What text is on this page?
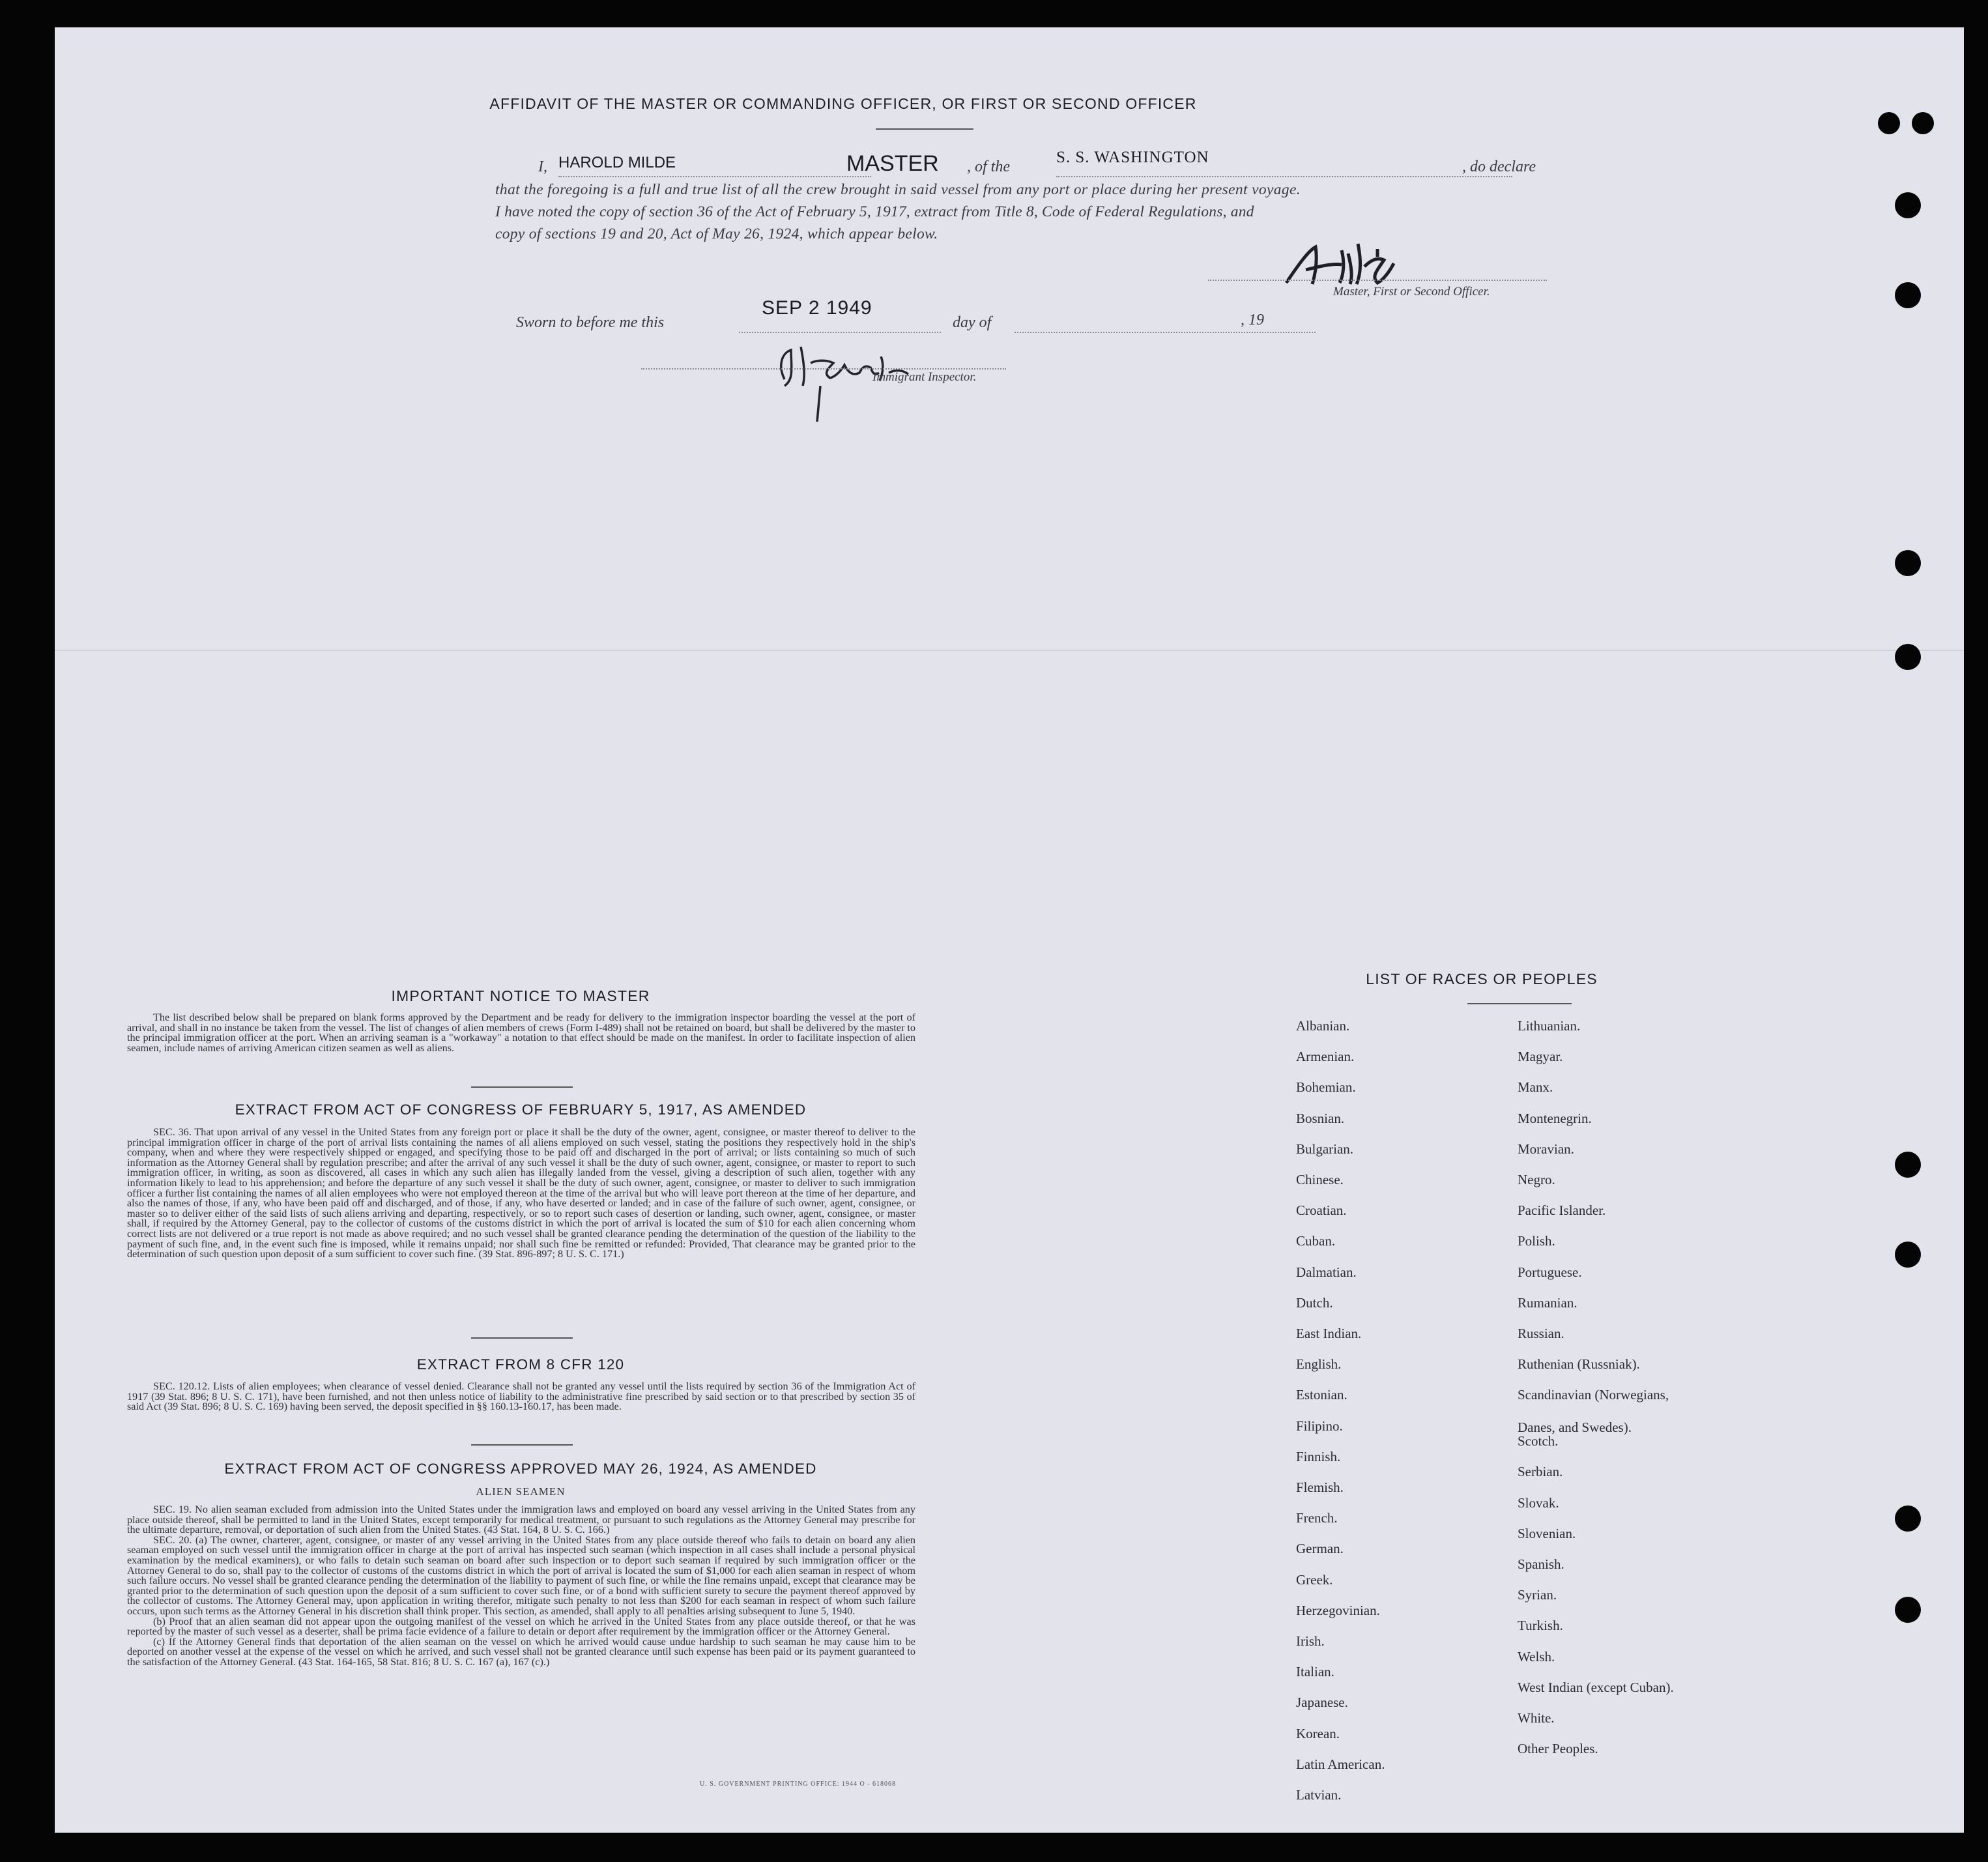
AFFIDAVIT OF THE MASTER OR COMMANDING OFFICER, OR FIRST OR SECOND OFFICER
I, HAROLD MILDE	MASTER , of the
S. S. WASHINGTON
, do declare
that the foregoing is a full and true list of all the crew brought in said vessel from any port or place during her present voyage.
I have noted the copy of section 36 of the Act of February 5, 1917, extract from Title 8, Code of Federal Regulations, and
copy of sections 19 and 20, Act of May 26, 1924, which appear below.
Master, First or Second Officer.
Sworn to before me this
SEP 2 1949
day of	, 19
Immigrant Inspector.
IMPORTANT NOTICE TO MASTER

The list described below shall be prepared on blank forms approved by the Department and be ready for delivery to the immigration inspector boarding the vessel at the port of arrival, and shall in no instance be taken from the vessel. The list of changes of alien members of crews (Form I-489) shall not be retained on board, but shall be delivered by the master to the principal immigration officer at the port. When an arriving seaman is a "workaway" a notation to that effect should be made on the manifest. In order to facilitate inspection of alien seamen, include names of arriving American citizen seamen as well as aliens.

EXTRACT FROM ACT OF CONGRESS OF FEBRUARY 5, 1917, AS AMENDED

SEC. 36. That upon arrival of any vessel in the United States from any foreign port or place it shall be the duty of the owner, agent, consignee, or master thereof to deliver to the principal immigration officer in charge of the port of arrival lists containing the names of all aliens employed on such vessel, stating the positions they respectively hold in the ship's company, when and where they were respectively shipped or engaged, and specifying those to be paid off and discharged in the port of arrival; or lists containing so much of such information as the Attorney General shall by regulation prescribe; and after the arrival of any such vessel it shall be the duty of such owner, agent, consignee, or master to report to such immigration officer, in writing, as soon as discovered, all cases in which any such alien has illegally landed from the vessel, giving a description of such alien, together with any information likely to lead to his apprehension; and before the departure of any such vessel it shall be the duty of such owner, agent, consignee, or master to deliver to such immigration officer a further list containing the names of all alien employees who were not employed thereon at the time of the arrival but who will leave port thereon at the time of her departure, and also the names of those, if any, who have been paid off and discharged, and of those, if any, who have deserted or landed; and in case of the failure of such owner, agent, consignee, or master so to deliver either of the said lists of such aliens arriving and departing, respectively, or so to report such cases of desertion or landing, such owner, agent, consignee, or master shall, if required by the Attorney General, pay to the collector of customs of the customs district in which the port of arrival is located the sum of $10 for each alien concerning whom correct lists are not delivered or a true report is not made as above required; and no such vessel shall be granted clearance pending the determination of the question of the liability to the payment of such fine, and, in the event such fine is imposed, while it remains unpaid; nor shall such fine be remitted or refunded: Provided, That clearance may be granted prior to the determination of such question upon deposit of a sum sufficient to cover such fine. (39 Stat. 896-897; 8 U. S. C. 171.)

EXTRACT FROM 8 CFR 120

SEC. 120.12. Lists of alien employees; when clearance of vessel denied. Clearance shall not be granted any vessel until the lists required by section 36 of the Immigration Act of 1917 (39 Stat. 896; 8 U. S. C. 171), have been furnished, and not then unless notice of liability to the administrative fine prescribed by said section or to that prescribed by section 35 of said Act (39 Stat. 896; 8 U. S. C. 169) having been served, the deposit specified in §§ 160.13-160.17, has been made.

EXTRACT FROM ACT OF CONGRESS APPROVED MAY 26, 1924, AS AMENDED
ALIEN SEAMEN

SEC. 19. No alien seaman excluded from admission into the United States under the immigration laws and employed on board any vessel arriving in the United States from any place outside thereof, shall be permitted to land in the United States, except temporarily for medical treatment, or pursuant to such regulations as the Attorney General may prescribe for the ultimate departure, removal, or deportation of such alien from the United States. (43 Stat. 164, 8 U. S. C. 166.)

SEC. 20. (a) The owner, charterer, agent, consignee, or master of any vessel arriving in the United States from any place outside thereof who fails to detain on board any alien seaman employed on such vessel until the immigration officer in charge at the port of arrival has inspected such seaman (which inspection in all cases shall include a personal physical examination by the medical examiners), or who fails to detain such seaman on board after such inspection or to deport such seaman if required by such immigration officer or the Attorney General to do so, shall pay to the collector of customs of the customs district in which the port of arrival is located the sum of $1,000 for each alien seaman in respect of whom such failure occurs. No vessel shall be granted clearance pending the determination of the liability to payment of such fine, or while the fine remains unpaid, except that clearance may be granted prior to the determination of such question upon the deposit of a sum sufficient to cover such fine, or of a bond with sufficient surety to secure the payment thereof approved by the collector of customs. The Attorney General may, upon application in writing therefor, mitigate such penalty to not less than $200 for each seaman in respect of whom such failure occurs, upon such terms as the Attorney General in his discretion shall think proper. This section, as amended, shall apply to all penalties arising subsequent to June 5, 1940.

(b) Proof that an alien seaman did not appear upon the outgoing manifest of the vessel on which he arrived in the United States from any place outside thereof, or that he was reported by the master of such vessel as a deserter, shall be prima facie evidence of a failure to detain or deport after requirement by the immigration officer or the Attorney General.

(c) If the Attorney General finds that deportation of the alien seaman on the vessel on which he arrived would cause undue hardship to such seaman he may cause him to be deported on another vessel at the expense of the vessel on which he arrived, and such vessel shall not be granted clearance until such expense has been paid or its payment guaranteed to the satisfaction of the Attorney General. (43 Stat. 164-165, 58 Stat. 816; 8 U. S. C. 167 (a), 167 (c).)

U. S. GOVERNMENT PRINTING OFFICE: 1944 O - 618068
LIST OF RACES OR PEOPLES
Albanian.
Armenian.
Bohemian.
Bosnian.
Bulgarian.
Chinese.
Croatian.
Cuban.
Dalmatian.
Dutch.
East Indian.
English.
Estonian.
Filipino.
Finnish.
Flemish.
French.
German.
Greek.
Herzegovinian.
Irish.
Italian.
Japanese.
Korean.
Latin American.
Latvian.
Lithuanian.
Magyar.
Manx.
Montenegrin.
Moravian.
Negro.
Pacific Islander.
Polish.
Portuguese.
Rumanian.
Russian.
Ruthenian (Russniak).
Scandinavian (Norwegians,
Danes, and Swedes).
Scotch.
Serbian.
Slovak.
Slovenian.
Spanish.
Syrian.
Turkish.
Welsh.
West Indian (except Cuban).
White.
Other Peoples.
